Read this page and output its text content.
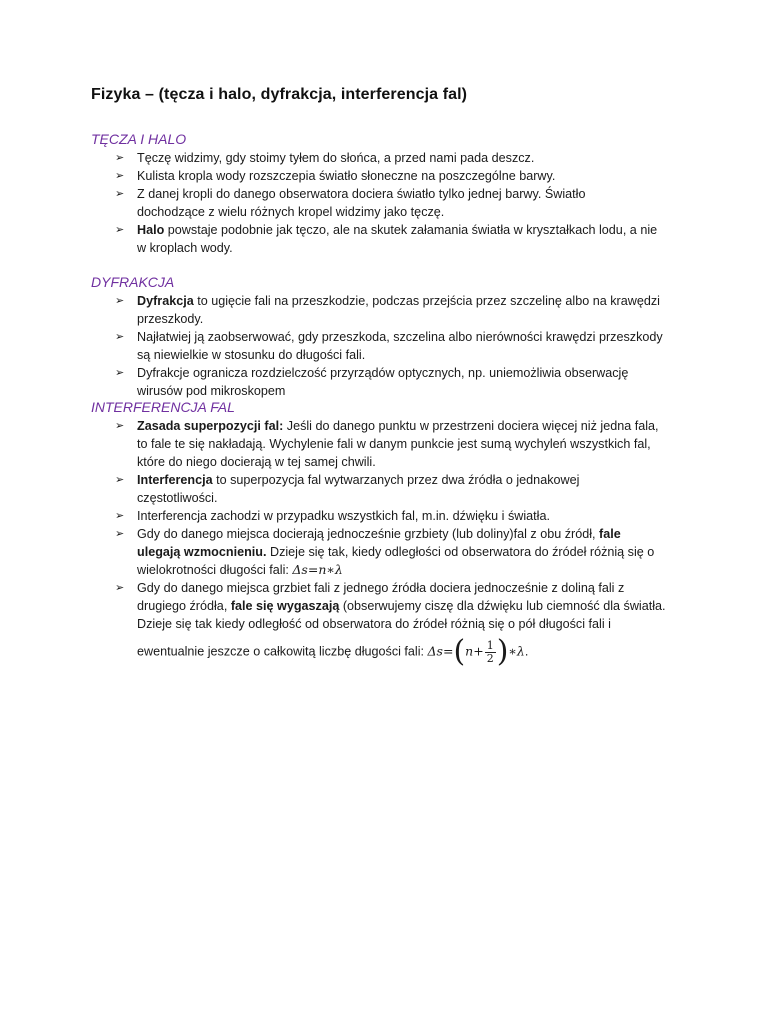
Fizyka – (tęcza i halo, dyfrakcja, interferencja fal)
TĘCZA I HALO
➢ Tęczę widzimy, gdy stoimy tyłem do słońca, a przed nami pada deszcz.
➢ Kulista kropla wody rozszczepia światło słoneczne na poszczególne barwy.
➢ Z danej kropli do danego obserwatora dociera światło tylko jednej barwy. Światło
dochodzące z wielu różnych kropel widzimy jako tęczę.
➢ Halo powstaje podobnie jak tęczo, ale na skutek załamania światła w kryształkach lodu, a nie
w kroplach wody.
DYFRAKCJA
➢ Dyfrakcja to ugięcie fali na przeszkodzie, podczas przejścia przez szczelinę albo na krawędzi
przeszkody.
➢ Najłatwiej ją zaobserwować, gdy przeszkoda, szczelina albo nierówności krawędzi przeszkody
są niewielkie w stosunku do długości fali.
➢ Dyfrakcje ogranicza rozdzielczość przyrządów optycznych, np. uniemożliwia obserwację
wirusów pod mikroskopem
INTERFERENCJA FAL
➢ Zasada superpozycji fal: Jeśli do danego punktu w przestrzeni dociera więcej niż jedna fala,
to fale te się nakładają. Wychylenie fali w danym punkcie jest sumą wychyleń wszystkich fal,
które do niego docierają w tej samej chwili.
➢ Interferencja to superpozycja fal wytwarzanych przez dwa źródła o jednakowej
częstotliwości.
➢ Interferencja zachodzi w przypadku wszystkich fal, m.in. dźwięku i światła.
➢ Gdy do danego miejsca docierają jednocześnie grzbiety (lub doliny)fal z obu źródł, fale
ulegają wzmocnieniu. Dzieje się tak, kiedy odległości od obserwatora do źródeł różnią się o
wielokrotności długości fali: Δs=n∗λ
➢ Gdy do danego miejsca grzbiet fali z jednego źródła dociera jednocześnie z doliną fali z
drugiego źródła, fale się wygaszają (obserwujemy ciszę dla dźwięku lub ciemność dla światła.
Dzieje się tak kiedy odległość od obserwatora do źródeł różnią się o pół długości fali i
ewentualnie jeszcze o całkowitą liczbę długości fali: $\Delta s=(n+ \frac{1}{2}$ )∗λ.
